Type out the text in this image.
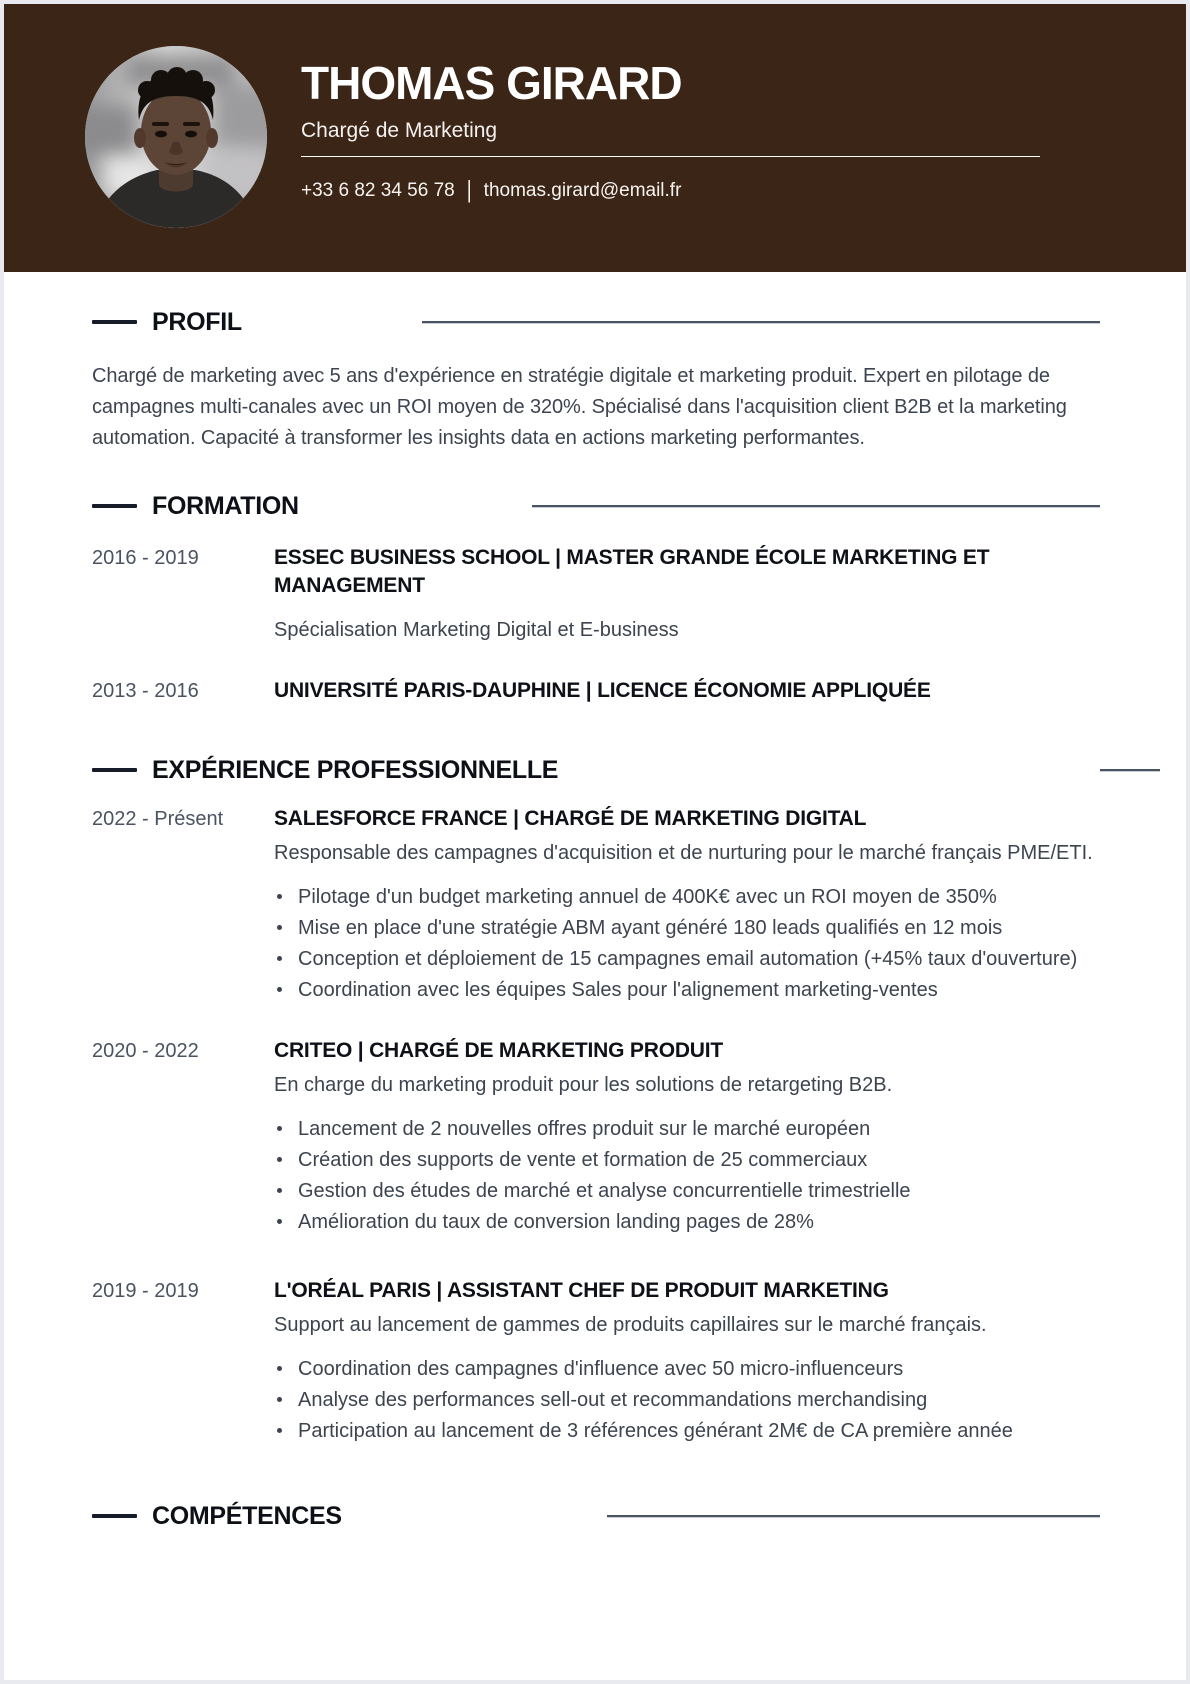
THOMAS GIRARD
Chargé de Marketing
+33 6 82 34 56 78 | thomas.girard@email.fr
PROFIL

Chargé de marketing avec 5 ans d'expérience en stratégie digitale et marketing produit. Expert en pilotage de campagnes multi-canales avec un ROI moyen de 320%. Spécialisé dans l'acquisition client B2B et la marketing automation. Capacité à transformer les insights data en actions marketing performantes.

FORMATION
2016 - 2019	ESSEC BUSINESS SCHOOL | MASTER GRANDE ÉCOLE MARKETING ET MANAGEMENT
Spécialisation Marketing Digital et E-business
2013 - 2016	UNIVERSITÉ PARIS-DAUPHINE | LICENCE ÉCONOMIE APPLIQUÉE
EXPÉRIENCE PROFESSIONNELLE
2022 - Présent	SALESFORCE FRANCE | CHARGÉ DE MARKETING DIGITAL
Responsable des campagnes d'acquisition et de nurturing pour le marché français PME/ETI.
Pilotage d'un budget marketing annuel de 400K€ avec un ROI moyen de 350%
Mise en place d'une stratégie ABM ayant généré 180 leads qualifiés en 12 mois
Conception et déploiement de 15 campagnes email automation (+45% taux d'ouverture)
Coordination avec les équipes Sales pour l'alignement marketing-ventes
2020 - 2022	CRITEO | CHARGÉ DE MARKETING PRODUIT
En charge du marketing produit pour les solutions de retargeting B2B.
Lancement de 2 nouvelles offres produit sur le marché européen
Création des supports de vente et formation de 25 commerciaux
Gestion des études de marché et analyse concurrentielle trimestrielle
Amélioration du taux de conversion landing pages de 28%
2019 - 2019	L'ORÉAL PARIS | ASSISTANT CHEF DE PRODUIT MARKETING
Support au lancement de gammes de produits capillaires sur le marché français.
Coordination des campagnes d'influence avec 50 micro-influenceurs
Analyse des performances sell-out et recommandations merchandising
Participation au lancement de 3 références générant 2M€ de CA première année
COMPÉTENCES
